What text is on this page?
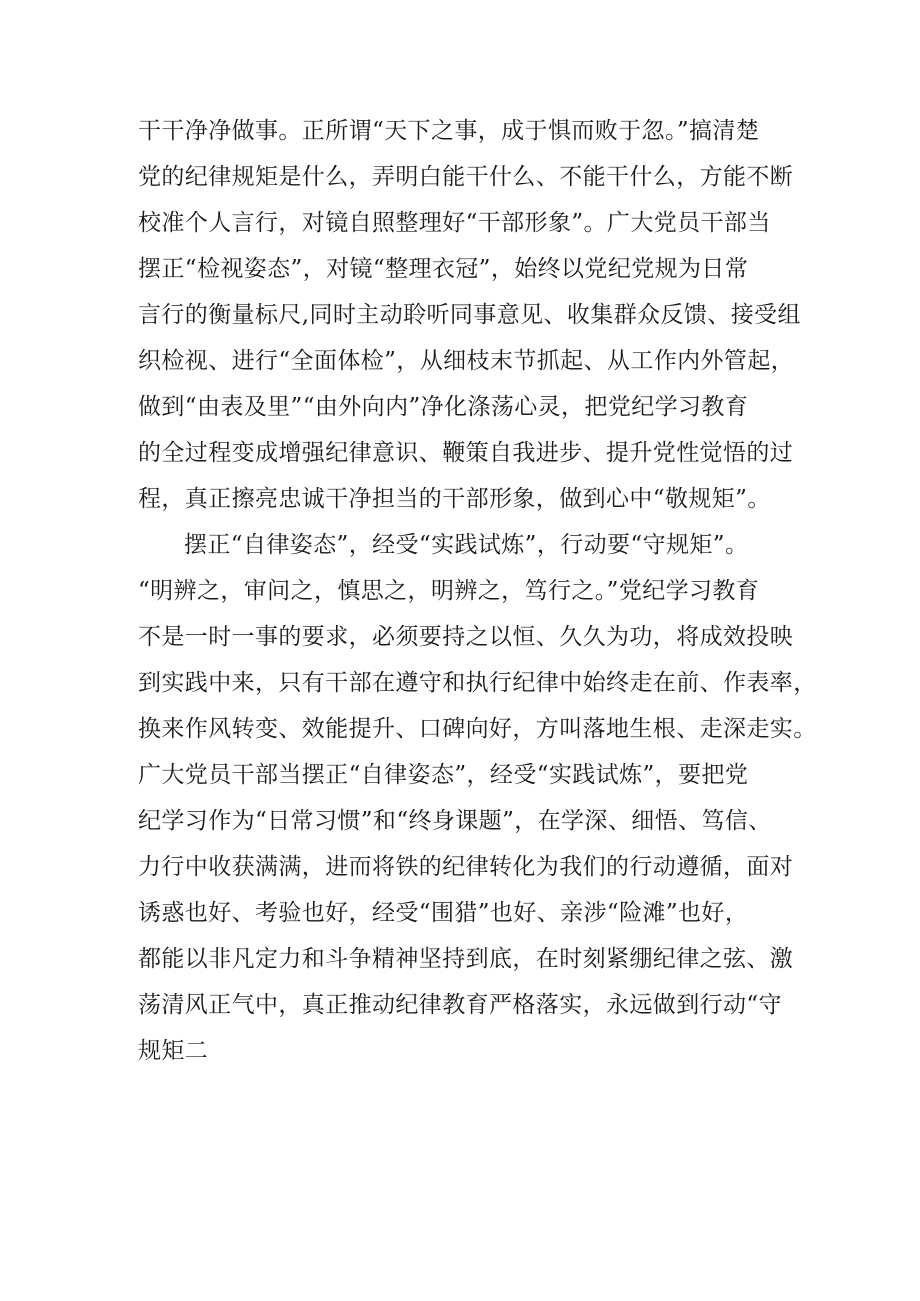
干干净净做事。正所谓“天下之事，成于惧而败于忽。”搞清楚
党的纪律规矩是什么，弄明白能干什么、不能干什么，方能不断
校准个人言行，对镜自照整理好“干部形象”。广大党员干部当
摆正“检视姿态”，对镜“整理衣冠”，始终以党纪党规为日常
言行的衡量标尺,同时主动聆听同事意见、收集群众反馈、接受组
织检视、进行“全面体检”，从细枝末节抓起、从工作内外管起，
做到“由表及里”“由外向内”净化涤荡心灵，把党纪学习教育
的全过程变成增强纪律意识、鞭策自我进步、提升党性觉悟的过
程，真正擦亮忠诚干净担当的干部形象，做到心中“敬规矩”。
摆正“自律姿态”，经受“实践试炼”，行动要“守规矩”。
“明辨之，审问之，慎思之，明辨之，笃行之。”党纪学习教育
不是一时一事的要求，必须要持之以恒、久久为功，将成效投映
到实践中来，只有干部在遵守和执行纪律中始终走在前、作表率，
换来作风转变、效能提升、口碑向好，方叫落地生根、走深走实。
广大党员干部当摆正“自律姿态”，经受“实践试炼”，要把党
纪学习作为“日常习惯”和“终身课题”，在学深、细悟、笃信、
力行中收获满满，进而将铁的纪律转化为我们的行动遵循，面对
诱惑也好、考验也好，经受“围猎”也好、亲涉“险滩”也好，
都能以非凡定力和斗争精神坚持到底，在时刻紧绷纪律之弦、激
荡清风正气中，真正推动纪律教育严格落实，永远做到行动“守
规矩二
